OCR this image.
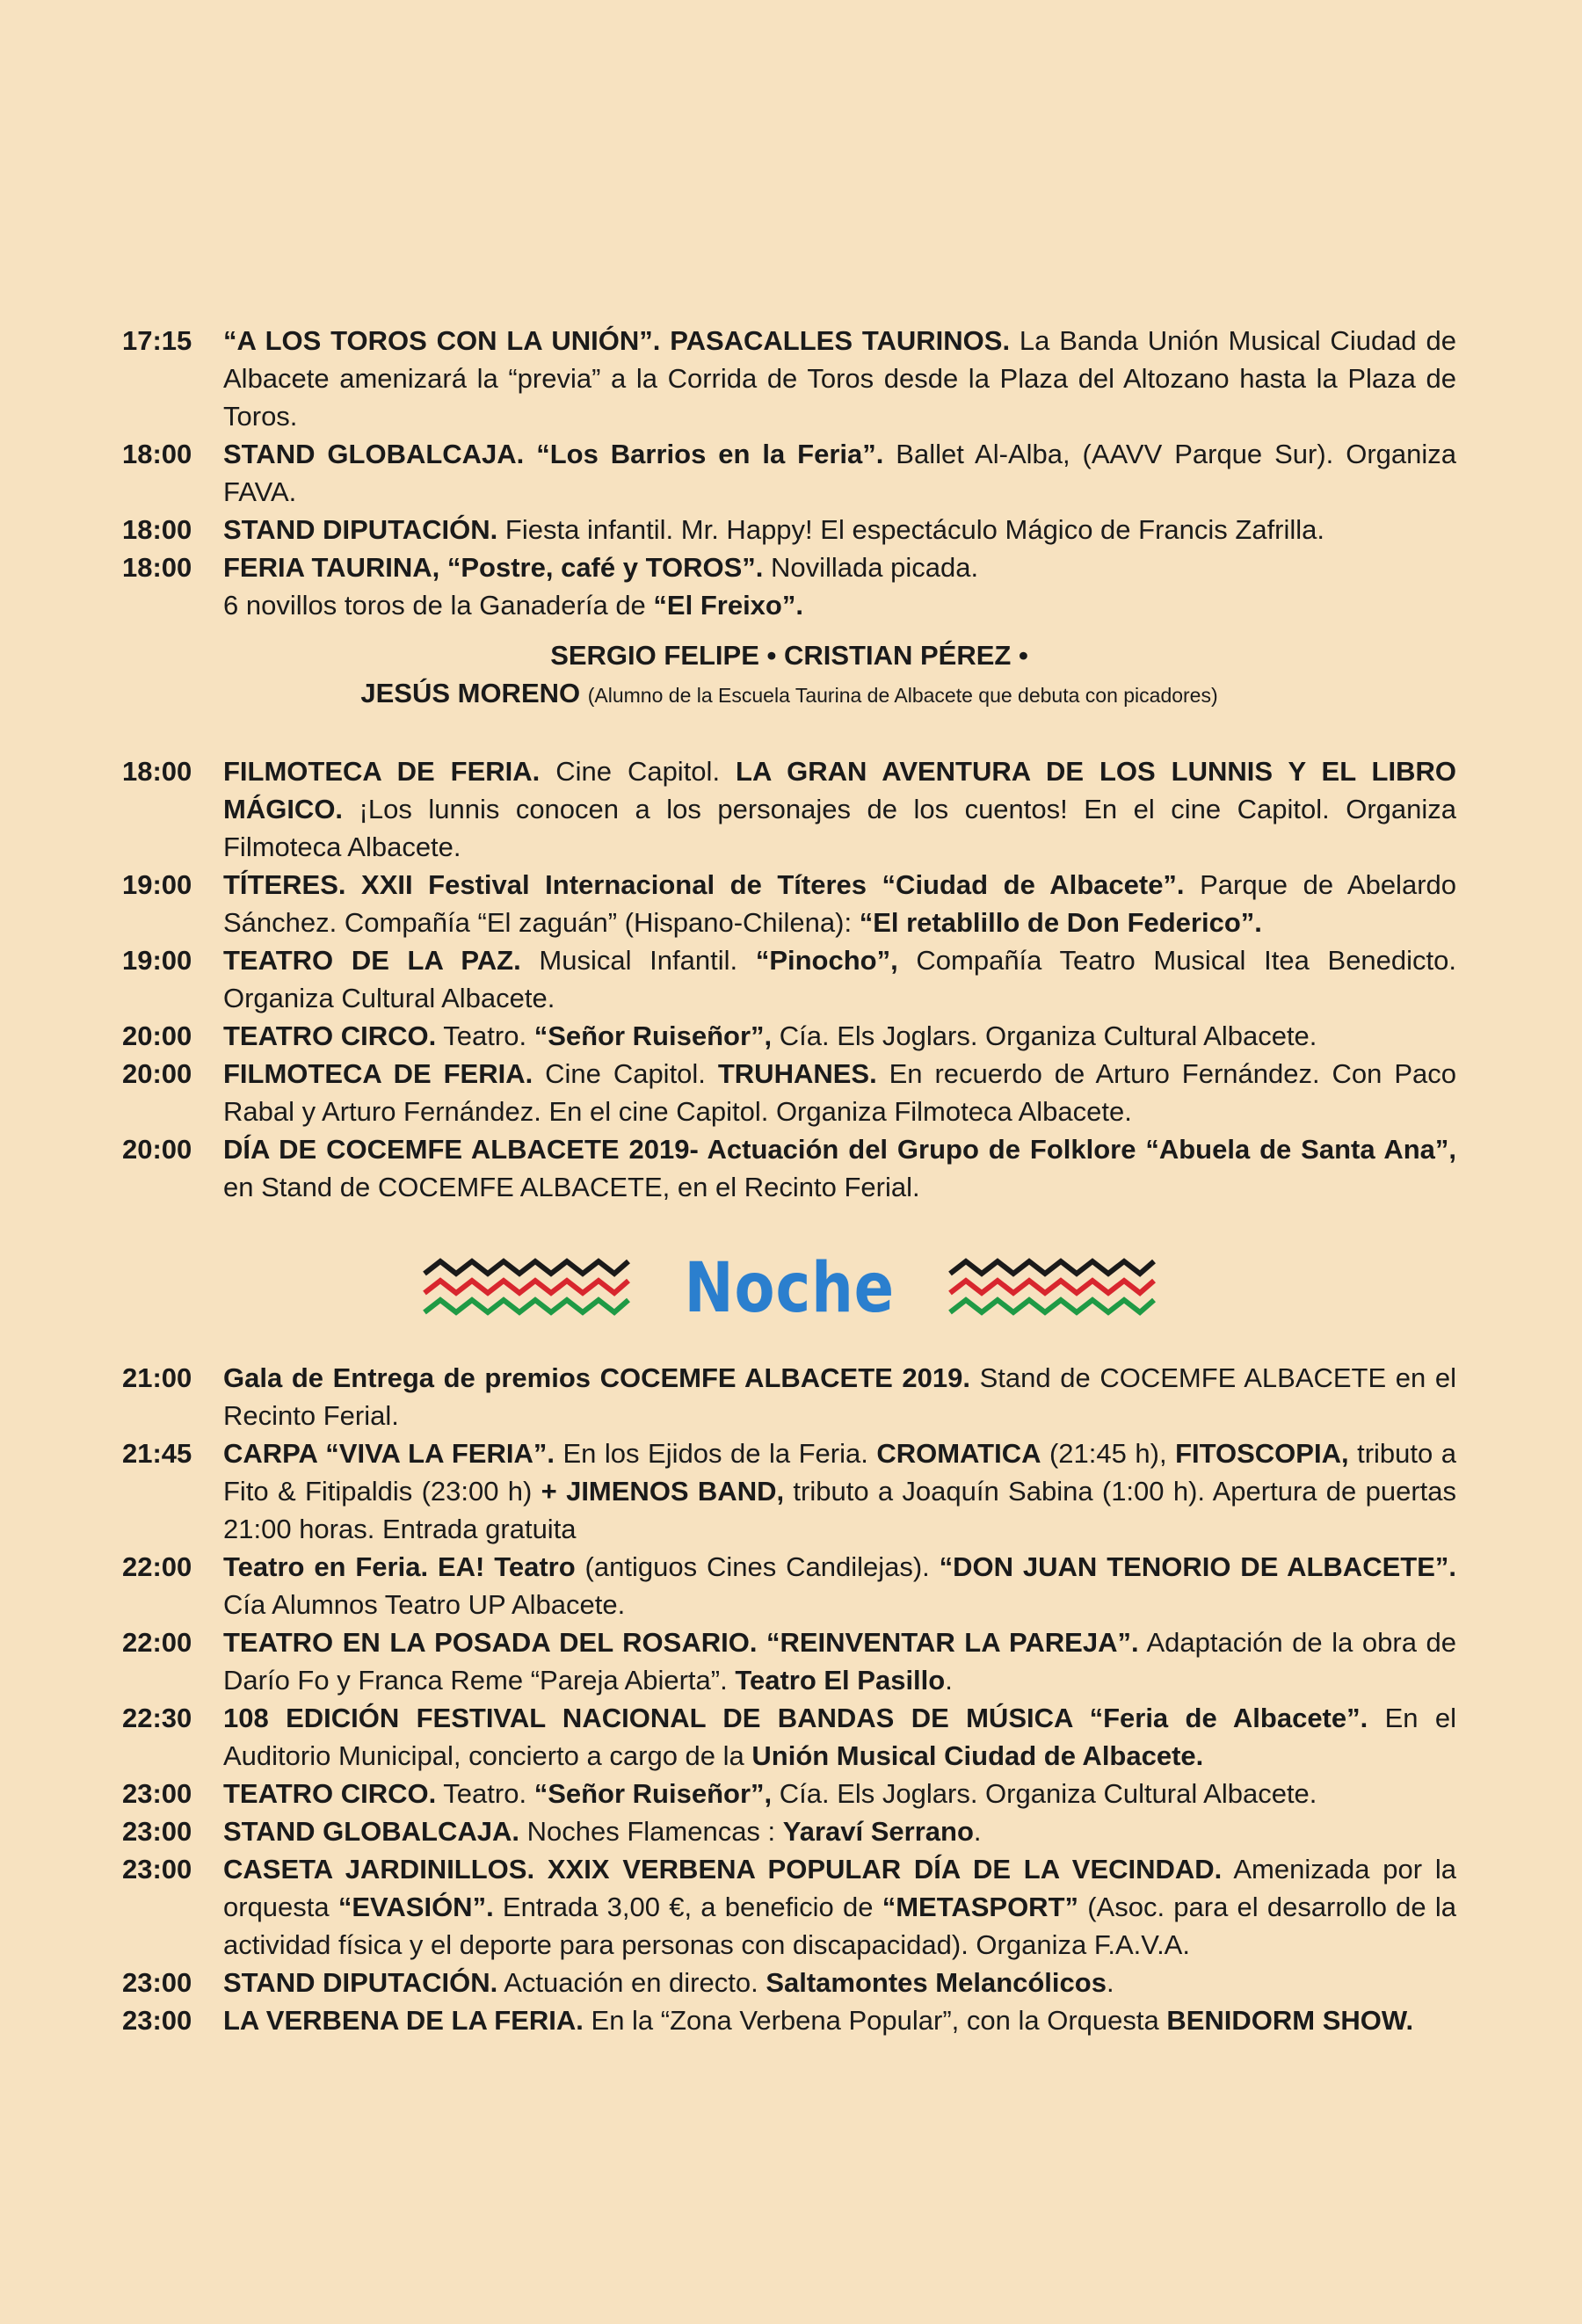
17:15	“A LOS TOROS CON LA UNIÓN”. PASACALLES TAURINOS. La Banda Unión Musical Ciudad de Albacete amenizará la “previa” a la Corrida de Toros desde la Plaza del Altozano hasta la Plaza de Toros.
18:00	STAND GLOBALCAJA. “Los Barrios en la Feria”. Ballet Al-Alba, (AAVV Parque Sur). Organiza FAVA.
18:00	STAND DIPUTACIÓN. Fiesta infantil. Mr. Happy! El espectáculo Mágico de Francis Zafrilla.
18:00	FERIA TAURINA, “Postre, café y TOROS”. Novillada picada.
6 novillos toros de la Ganadería de “El Freixo”.
SERGIO FELIPE • CRISTIAN PÉREZ •
JESÚS MORENO (Alumno de la Escuela Taurina de Albacete que debuta con picadores)
18:00	FILMOTECA DE FERIA. Cine Capitol. LA GRAN AVENTURA DE LOS LUNNIS Y EL LIBRO MÁGICO. ¡Los lunnis conocen a los personajes de los cuentos! En el cine Capitol. Organiza Filmoteca Albacete.
19:00	TÍTERES. XXII Festival Internacional de Títeres “Ciudad de Albacete”. Parque de Abelardo Sánchez. Compañía “El zaguán” (Hispano-Chilena): “El retablillo de Don Federico”.
19:00	TEATRO DE LA PAZ. Musical Infantil. “Pinocho”, Compañía Teatro Musical Itea Benedicto. Organiza Cultural Albacete.
20:00	TEATRO CIRCO. Teatro. “Señor Ruiseñor”, Cía. Els Joglars. Organiza Cultural Albacete.
20:00	FILMOTECA DE FERIA. Cine Capitol. TRUHANES. En recuerdo de Arturo Fernández. Con Paco Rabal y Arturo Fernández. En el cine Capitol. Organiza Filmoteca Albacete.
20:00	DÍA DE COCEMFE ALBACETE 2019- Actuación del Grupo de Folklore “Abuela de Santa Ana”, en Stand de COCEMFE ALBACETE, en el Recinto Ferial.
Noche
21:00	Gala de Entrega de premios COCEMFE ALBACETE 2019. Stand de COCEMFE ALBACETE en el Recinto Ferial.
21:45	CARPA “VIVA LA FERIA”. En los Ejidos de la Feria. CROMATICA (21:45 h), FITOSCOPIA, tributo a Fito & Fitipaldis (23:00 h) + JIMENOS BAND, tributo a Joaquín Sabina (1:00 h). Apertura de puertas 21:00 horas. Entrada gratuita
22:00	Teatro en Feria. EA! Teatro (antiguos Cines Candilejas). “DON JUAN TENORIO DE ALBACETE”. Cía Alumnos Teatro UP Albacete.
22:00	TEATRO EN LA POSADA DEL ROSARIO. “REINVENTAR LA PAREJA”. Adaptación de la obra de Darío Fo y Franca Reme “Pareja Abierta”. Teatro El Pasillo.
22:30	108 EDICIÓN FESTIVAL NACIONAL DE BANDAS DE MÚSICA “Feria de Albacete”. En el Auditorio Municipal, concierto a cargo de la Unión Musical Ciudad de Albacete.
23:00	TEATRO CIRCO. Teatro. “Señor Ruiseñor”, Cía. Els Joglars. Organiza Cultural Albacete.
23:00	STAND GLOBALCAJA. Noches Flamencas : Yaraví Serrano.
23:00	CASETA JARDINILLOS. XXIX VERBENA POPULAR DÍA DE LA VECINDAD. Amenizada por la orquesta “EVASIÓN”. Entrada 3,00 €, a beneficio de “METASPORT” (Asoc. para el desarrollo de la actividad física y el deporte para personas con discapacidad). Organiza F.A.V.A.
23:00	STAND DIPUTACIÓN. Actuación en directo. Saltamontes Melancólicos.
23:00	LA VERBENA DE LA FERIA. En la “Zona Verbena Popular”, con la Orquesta BENIDORM SHOW.
